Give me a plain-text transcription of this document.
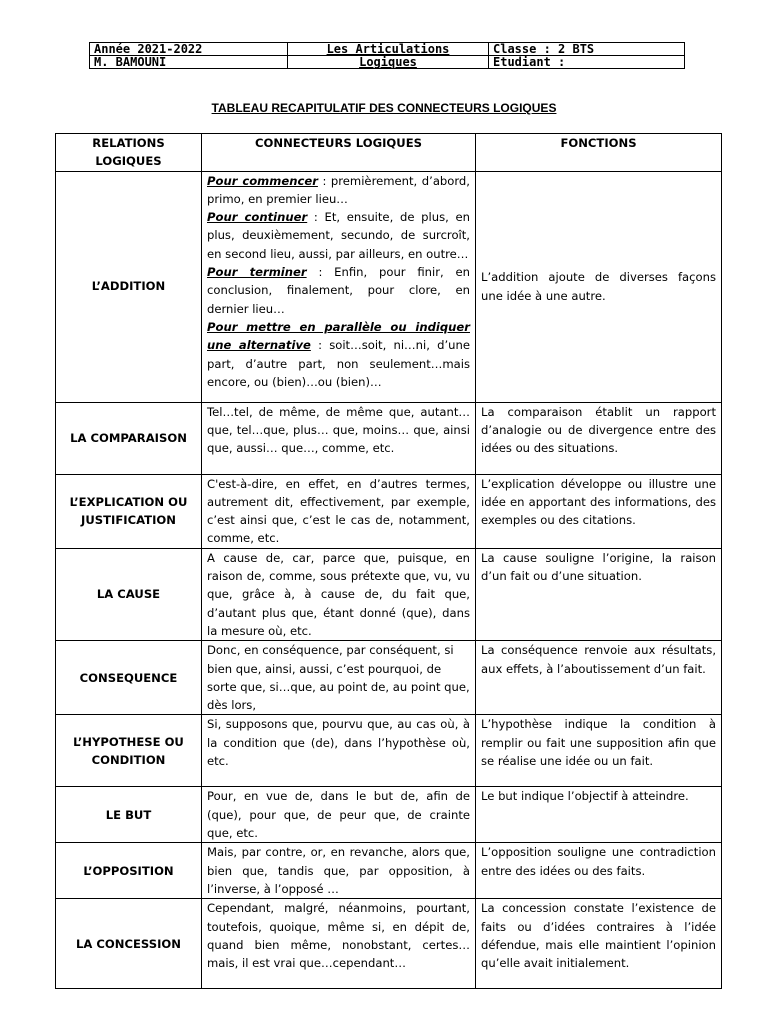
Année 2021-2022	Les Articulations	Classe : 2 BTS
M. BAMOUNI	Logiques	Etudiant :
TABLEAU RECAPITULATIF DES CONNECTEURS LOGIQUES
RELATIONS LOGIQUES	CONNECTEURS LOGIQUES	FONCTIONS
L’ADDITION	Pour commencer : premièrement, d’abord, primo, en premier lieu…
Pour continuer : Et, ensuite, de plus, en plus, deuxièmement, secundo, de surcroît, en second lieu, aussi, par ailleurs, en outre…
Pour terminer : Enfin, pour finir, en conclusion, finalement, pour clore, en dernier lieu…
Pour mettre en parallèle ou indiquer une alternative : soit…soit, ni…ni, d’une part, d’autre part, non seulement…mais encore, ou (bien)…ou (bien)…	L’addition ajoute de diverses façons une idée à une autre.
LA COMPARAISON	Tel…tel, de même, de même que, autant…que, tel…que, plus… que, moins… que, ainsi que, aussi… que…, comme, etc.	La comparaison établit un rapport d’analogie ou de divergence entre des idées ou des situations.
L’EXPLICATION OU JUSTIFICATION	C'est-à-dire, en effet, en d’autres termes, autrement dit, effectivement, par exemple, c’est ainsi que, c’est le cas de, notamment, comme, etc.	L’explication développe ou illustre une idée en apportant des informations, des exemples ou des citations.
LA CAUSE	A cause de, car, parce que, puisque, en raison de, comme, sous prétexte que, vu, vu que, grâce à, à cause de, du fait que, d’autant plus que, étant donné (que), dans la mesure où, etc.	La cause souligne l’origine, la raison d’un fait ou d’une situation.
CONSEQUENCE	Donc, en conséquence, par conséquent, si bien que, ainsi, aussi, c’est pourquoi, de sorte que, si…que, au point de, au point que, dès lors,	La conséquence renvoie aux résultats, aux effets, à l’aboutissement d’un fait.
L’HYPOTHESE OU CONDITION	Si, supposons que, pourvu que, au cas où, à la condition que (de), dans l’hypothèse où, etc.	L’hypothèse indique la condition à remplir ou fait une supposition afin que se réalise une idée ou un fait.
LE BUT	Pour, en vue de, dans le but de, afin de (que), pour que, de peur que, de crainte que, etc.	Le but indique l’objectif à atteindre.
L’OPPOSITION	Mais, par contre, or, en revanche, alors que, bien que, tandis que, par opposition, à l’inverse, à l’opposé …	L’opposition souligne une contradiction entre des idées ou des faits.
LA CONCESSION	Cependant, malgré, néanmoins, pourtant, toutefois, quoique, même si, en dépit de, quand bien même, nonobstant, certes…mais, il est vrai que…cependant…	La concession constate l’existence de faits ou d’idées contraires à l’idée défendue, mais elle maintient l’opinion qu’elle avait initialement.
